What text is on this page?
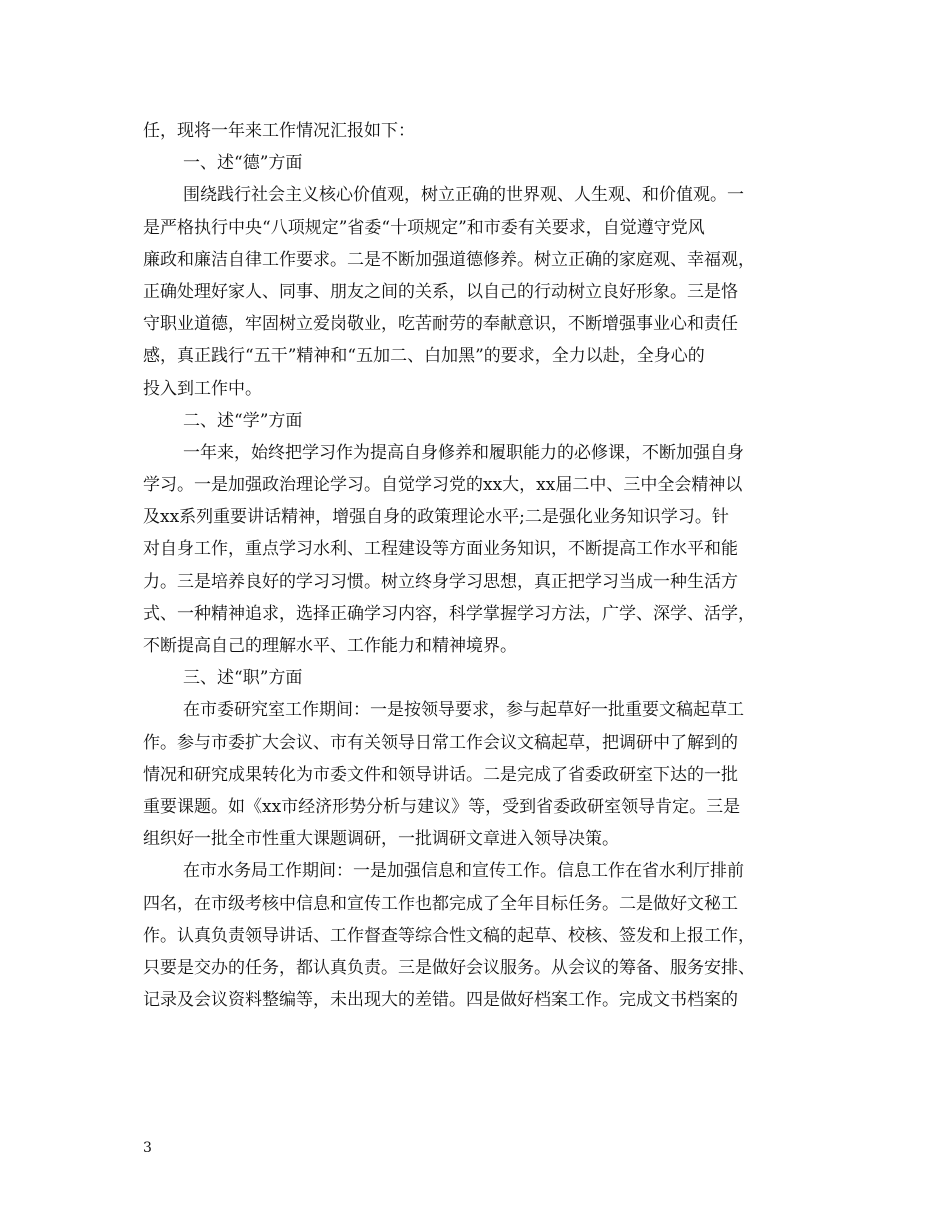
任，现将一年来工作情况汇报如下：
一、述“德”方面
围绕践行社会主义核心价值观，树立正确的世界观、人生观、和价值观。一
是严格执行中央“八项规定”省委“十项规定”和市委有关要求，自觉遵守党风
廉政和廉洁自律工作要求。二是不断加强道德修养。树立正确的家庭观、幸福观，
正确处理好家人、同事、朋友之间的关系，以自己的行动树立良好形象。三是恪
守职业道德，牢固树立爱岗敬业，吃苦耐劳的奉献意识，不断增强事业心和责任
感，真正践行“五干”精神和“五加二、白加黑”的要求，全力以赴，全身心的
投入到工作中。
二、述“学”方面
一年来，始终把学习作为提高自身修养和履职能力的必修课，不断加强自身
学习。一是加强政治理论学习。自觉学习党的xx大，xx届二中、三中全会精神以
及xx系列重要讲话精神，增强自身的政策理论水平;二是强化业务知识学习。针
对自身工作，重点学习水利、工程建设等方面业务知识，不断提高工作水平和能
力。三是培养良好的学习习惯。树立终身学习思想，真正把学习当成一种生活方
式、一种精神追求，选择正确学习内容，科学掌握学习方法，广学、深学、活学，
不断提高自己的理解水平、工作能力和精神境界。
三、述“职”方面
在市委研究室工作期间：一是按领导要求，参与起草好一批重要文稿起草工
作。参与市委扩大会议、市有关领导日常工作会议文稿起草，把调研中了解到的
情况和研究成果转化为市委文件和领导讲话。二是完成了省委政研室下达的一批
重要课题。如《xx市经济形势分析与建议》等，受到省委政研室领导肯定。三是
组织好一批全市性重大课题调研，一批调研文章进入领导决策。
在市水务局工作期间：一是加强信息和宣传工作。信息工作在省水利厅排前
四名，在市级考核中信息和宣传工作也都完成了全年目标任务。二是做好文秘工
作。认真负责领导讲话、工作督查等综合性文稿的起草、校核、签发和上报工作，
只要是交办的任务，都认真负责。三是做好会议服务。从会议的筹备、服务安排、
记录及会议资料整编等，未出现大的差错。四是做好档案工作。完成文书档案的
3
